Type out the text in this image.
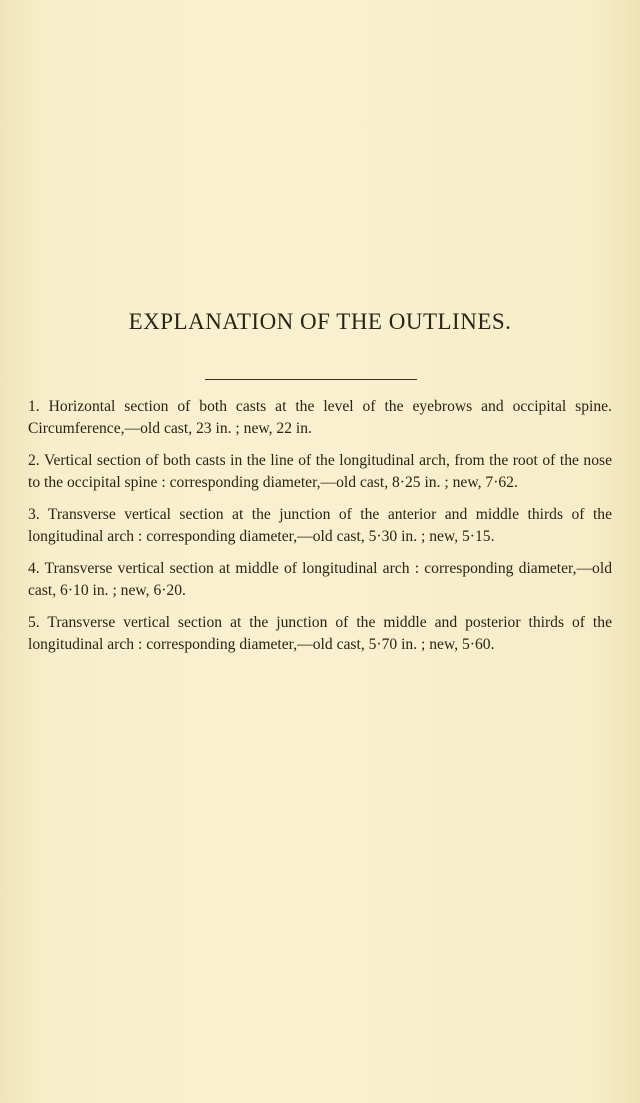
EXPLANATION OF THE OUTLINES.

1. Horizontal section of both casts at the level of the eyebrows and occipital spine. Circumference,—old cast, 23 in. ; new, 22 in.

2. Vertical section of both casts in the line of the longitudinal arch, from the root of the nose to the occipital spine : corresponding diameter,—old cast, 8·25 in. ; new, 7·62.

3. Transverse vertical section at the junction of the anterior and middle thirds of the longitudinal arch : corresponding diameter,—old cast, 5·30 in. ; new, 5·15.

4. Transverse vertical section at middle of longitudinal arch : corresponding diameter,—old cast, 6·10 in. ; new, 6·20.

5. Transverse vertical section at the junction of the middle and posterior thirds of the longitudinal arch : corresponding diameter,—old cast, 5·70 in. ; new, 5·60.
